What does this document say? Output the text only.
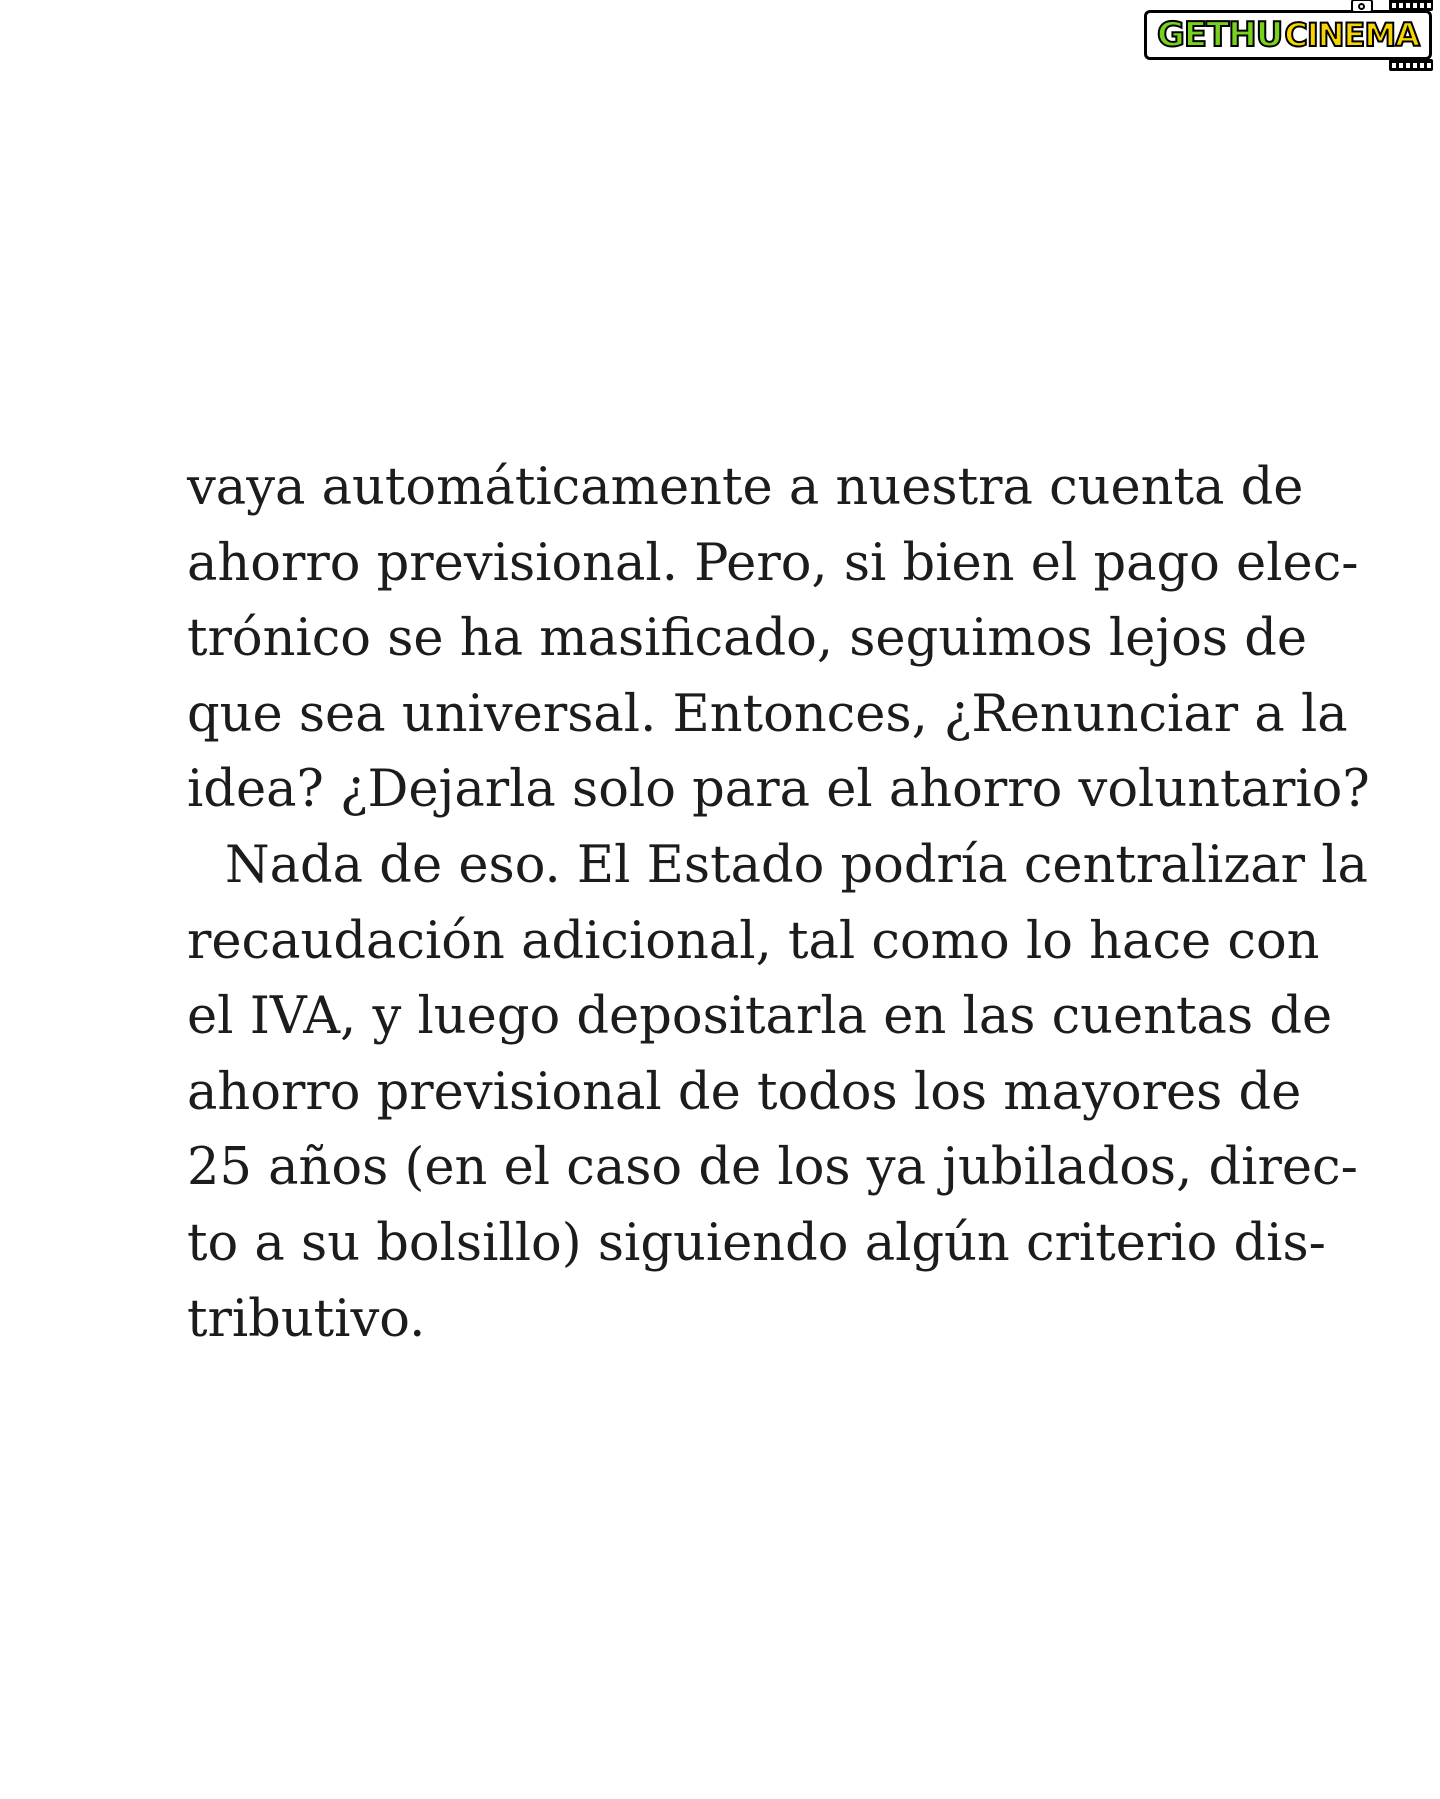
GETHU CINEMA
vaya automáticamente a nuestra cuenta de
ahorro previsional. Pero, si bien el pago elec-
trónico se ha masificado, seguimos lejos de
que sea universal. Entonces, ¿Renunciar a la
idea? ¿Dejarla solo para el ahorro voluntario?
Nada de eso. El Estado podría centralizar la
recaudación adicional, tal como lo hace con
el IVA, y luego depositarla en las cuentas de
ahorro previsional de todos los mayores de
25 años (en el caso de los ya jubilados, direc-
to a su bolsillo) siguiendo algún criterio dis-
tributivo.
